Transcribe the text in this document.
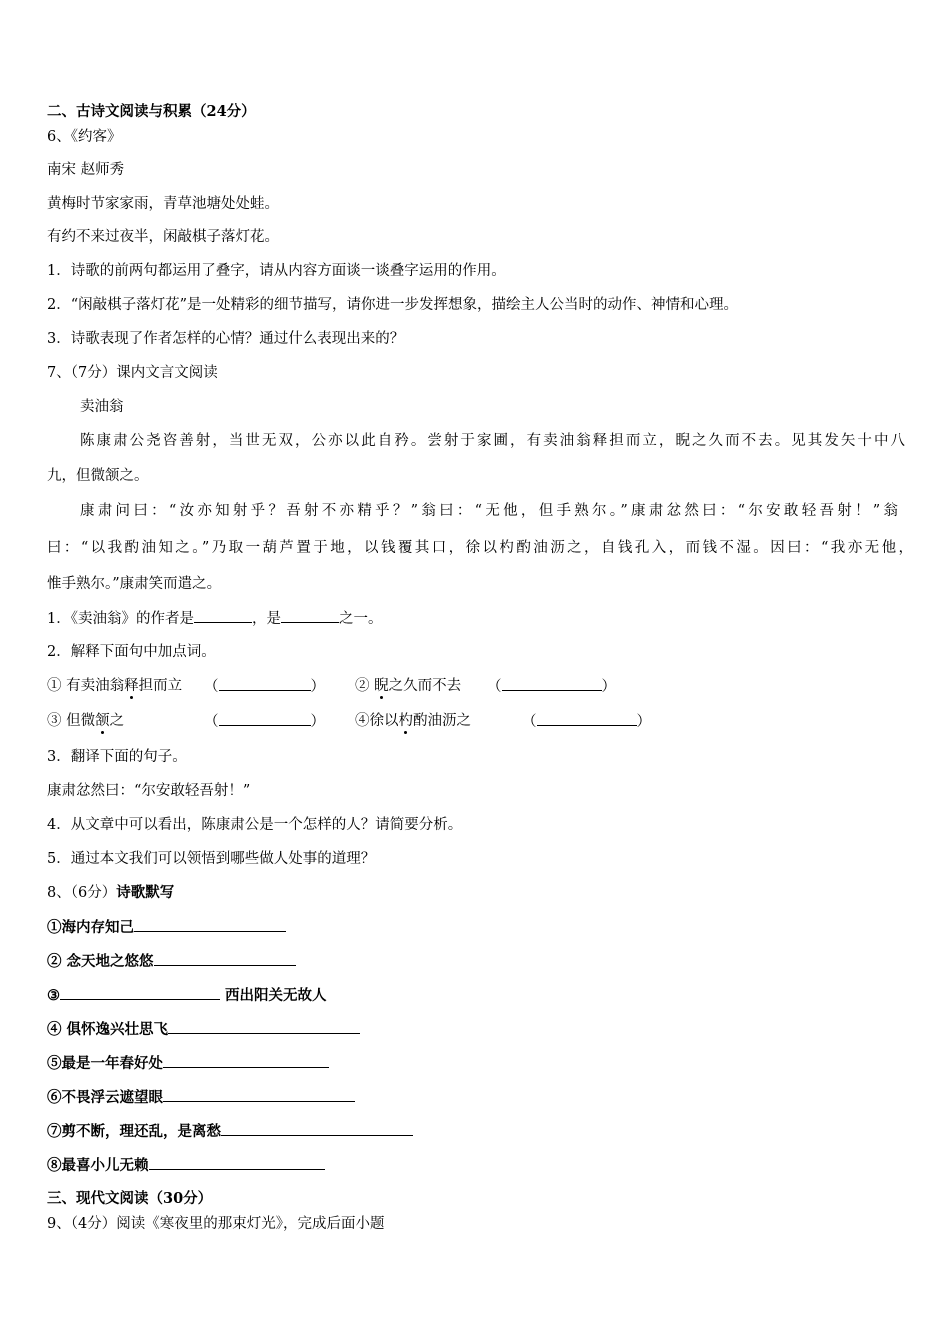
二、古诗文阅读与积累（24分）
6、《约客》
南宋 赵师秀
黄梅时节家家雨，青草池塘处处蛙。
有约不来过夜半，闲敲棋子落灯花。
1．诗歌的前两句都运用了叠字，请从内容方面谈一谈叠字运用的作用。
2．“闲敲棋子落灯花”是一处精彩的细节描写，请你进一步发挥想象，描绘主人公当时的动作、神情和心理。
3．诗歌表现了作者怎样的心情？通过什么表现出来的？
7、（7分）课内文言文阅读
卖油翁
陈康肃公尧咨善射，当世无双，公亦以此自矜。尝射于家圃，有卖油翁释担而立，睨之久而不去。见其发矢十中八
九，但微颔之。
康肃问曰：“汝亦知射乎？吾射不亦精乎？”翁曰：“无他，但手熟尔。”康肃忿然曰：“尔安敢轻吾射！”翁
曰：“以我酌油知之。”乃取一葫芦置于地，以钱覆其口，徐以杓酌油沥之，自钱孔入，而钱不湿。因曰：“我亦无他，
惟手熟尔。”康肃笑而遣之。
1．《卖油翁》的作者是	，是	之一。
2．解释下面句中加点词。
① 有卖油翁释担而立 （	） ② 睨之久而不去 （	）
③ 但微颔之	（	） ④徐以杓酌油沥之	（	）
3．翻译下面的句子。
康肃忿然曰：“尔安敢轻吾射！”
4．从文章中可以看出，陈康肃公是一个怎样的人？请简要分析。
5．通过本文我们可以领悟到哪些做人处事的道理？
8、（6分）诗歌默写
①海内存知己
② 念天地之悠悠
③	西出阳关无故人
④ 俱怀逸兴壮思飞
⑤最是一年春好处
⑥不畏浮云遮望眼
⑦剪不断，理还乱，是离愁
⑧最喜小儿无赖
三、现代文阅读（30分）
9、（4分）阅读《寒夜里的那束灯光》，完成后面小题
